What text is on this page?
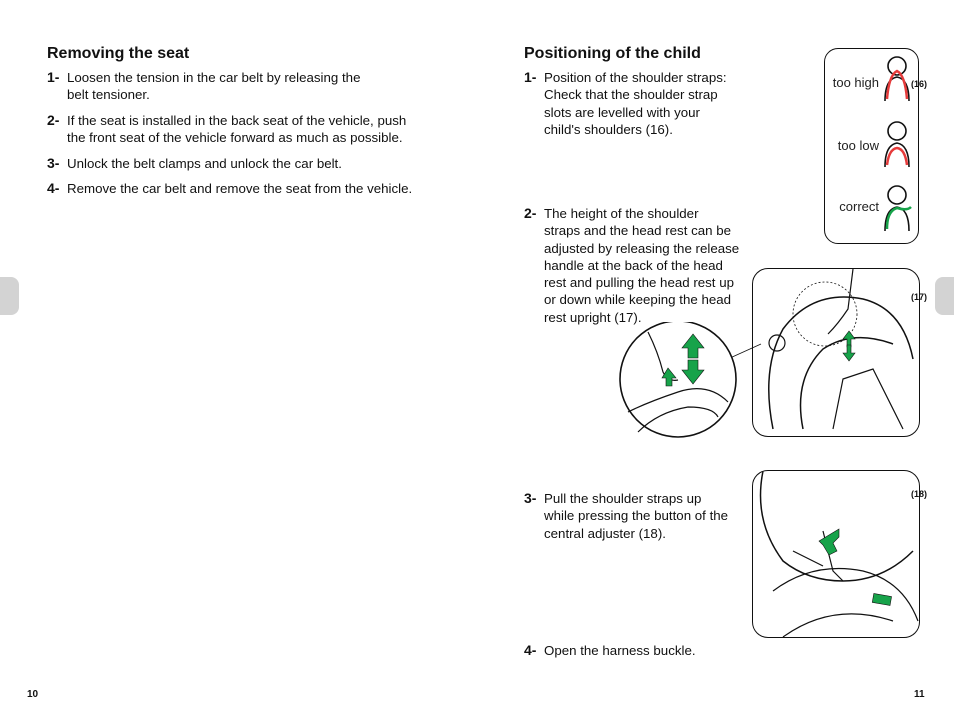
Removing the seat
1- Loosen the tension in the car belt by releasing the
belt tensioner.
2- If the seat is installed in the back seat of the vehicle, push
the front seat of the vehicle forward as much as possible.
3- Unlock the belt clamps and unlock the car belt.
4- Remove the car belt and remove the seat from the vehicle.
10
Positioning of the child
1- Position of the shoulder straps:
Check that the shoulder strap
slots are levelled with your
child's shoulders (16).
2- The height of the shoulder
straps and the head rest can be
adjusted by releasing the release
handle at the back of the head
rest and pulling the head rest up
or down while keeping the head
rest upright (17).
3- Pull the shoulder straps up
while pressing the button of the
central adjuster (18).
4- Open the harness buckle.
11
too high
too low
correct
(16)
(17)
(18)
